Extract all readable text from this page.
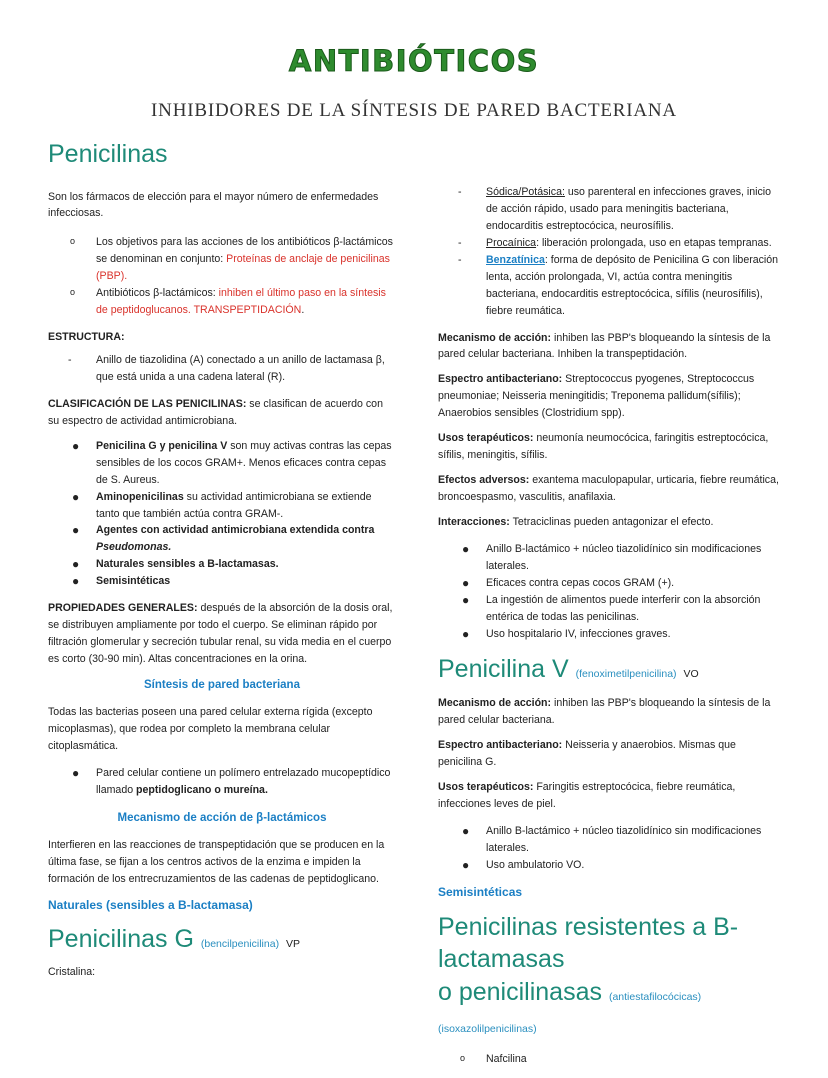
ANTIBIÓTICOS
INHIBIDORES DE LA SÍNTESIS DE PARED BACTERIANA
Penicilinas

Son los fármacos de elección para el mayor número de enfermedades infecciosas.

o Los objetivos para las acciones de los antibióticos β-lactámicos se denominan en conjunto: Proteínas de anclaje de penicilinas (PBP).
o Antibióticos β-lactámicos: inhiben el último paso en la síntesis de peptidoglucanos. TRANSPEPTIDACIÓN.

ESTRUCTURA:

- Anillo de tiazolidina (A) conectado a un anillo de lactamasa β, que está unida a una cadena lateral (R).

CLASIFICACIÓN DE LAS PENICILINAS: se clasifican de acuerdo con su espectro de actividad antimicrobiana.

● Penicilina G y penicilina V son muy activas contras las cepas sensibles de los cocos GRAM+. Menos eficaces contra cepas de S. Aureus.
● Aminopenicilinas su actividad antimicrobiana se extiende tanto que también actúa contra GRAM-.
● Agentes con actividad antimicrobiana extendida contra Pseudomonas.
● Naturales sensibles a B-lactamasas.
● Semisintéticas

PROPIEDADES GENERALES: después de la absorción de la dosis oral, se distribuyen ampliamente por todo el cuerpo. Se eliminan rápido por filtración glomerular y secreción tubular renal, su vida media en el cuerpo es corto (30-90 min). Altas concentraciones en la orina.

Síntesis de pared bacteriana

Todas las bacterias poseen una pared celular externa rígida (excepto micoplasmas), que rodea por completo la membrana celular citoplasmática.

● Pared celular contiene un polímero entrelazado mucopeptídico llamado peptidoglicano o mureína.
Mecanismo de acción de β-lactámicos

Interfieren en las reacciones de transpeptidación que se producen en la última fase, se fijan a los centros activos de la enzima e impiden la formación de los entrecruzamientos de las cadenas de peptidoglicano.

Naturales (sensibles a B-lactamasa)
Penicilinas G (bencilpenicilina) VP

Cristalina:

- Sódica/Potásica: uso parenteral en infecciones graves, inicio de acción rápido, usado para meningitis bacteriana, endocarditis estreptocócica, neurosífilis.
- Procaínica: liberación prolongada, uso en etapas tempranas.
- Benzatínica: forma de depósito de Penicilina G con liberación lenta, acción prolongada, VI, actúa contra meningitis bacteriana, endocarditis estreptocócica, sífilis (neurosífilis), fiebre reumática.

Mecanismo de acción: inhiben las PBP's bloqueando la síntesis de la pared celular bacteriana. Inhiben la transpeptidación.

Espectro antibacteriano: Streptococcus pyogenes, Streptococcus pneumoniae; Neisseria meningitidis; Treponema pallidum(sífilis); Anaerobios sensibles (Clostridium spp).

Usos terapéuticos: neumonía neumocócica, faringitis estreptocócica, sífilis, meningitis, sífilis.

Efectos adversos: exantema maculopapular, urticaria, fiebre reumática, broncoespasmo, vasculitis, anafilaxia.

Interacciones: Tetraciclinas pueden antagonizar el efecto.

● Anillo B-lactámico + núcleo tiazolidínico sin modificaciones laterales.
● Eficaces contra cepas cocos GRAM (+).
● La ingestión de alimentos puede interferir con la absorción entérica de todas las penicilinas.
● Uso hospitalario IV, infecciones graves.
Penicilina V (fenoximetilpenicilina) VO

Mecanismo de acción: inhiben las PBP's bloqueando la síntesis de la pared celular bacteriana.

Espectro antibacteriano: Neisseria y anaerobios. Mismas que penicilina G.

Usos terapéuticos: Faringitis estreptocócica, fiebre reumática, infecciones leves de piel.

● Anillo B-lactámico + núcleo tiazolidínico sin modificaciones laterales.
● Uso ambulatorio VO.
Semisintéticas
Penicilinas resistentes a B-lactamasas
o penicilinasas (antiestafilocócicas) (isoxazolilpenicilinas)
o Nafcilina
